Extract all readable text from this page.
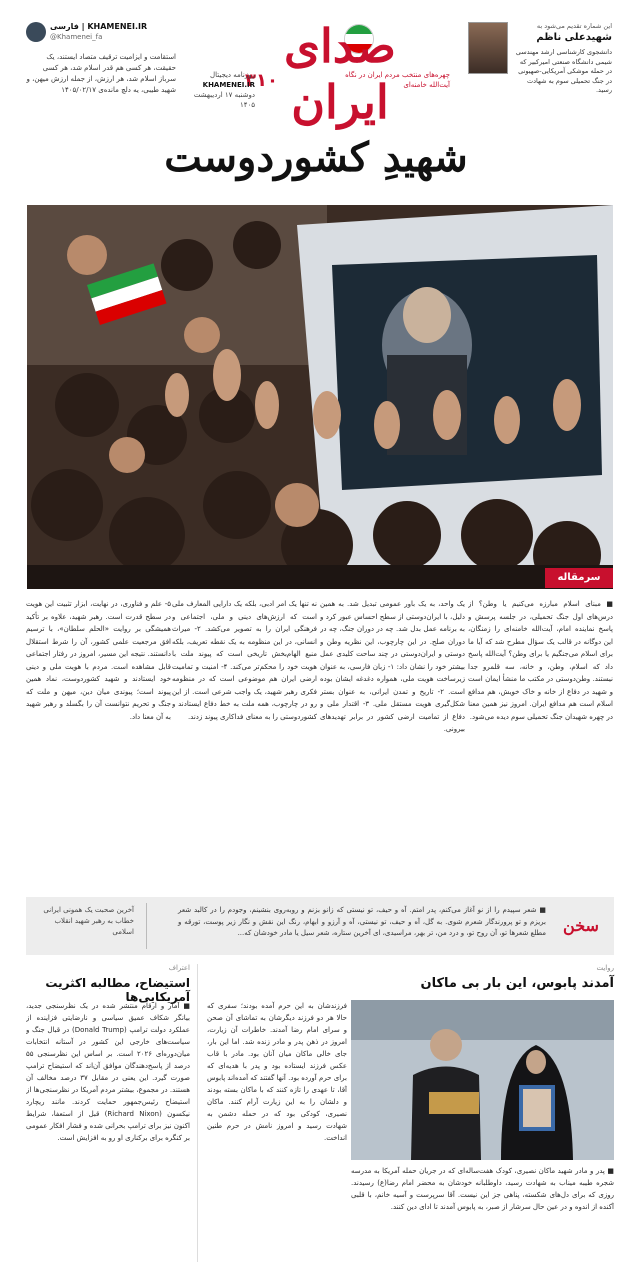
KHAMENEI.IR | فارسی
@Khamenei_fa
استقامت و ایزامیت ترقیف متصاد ایستند، یک حقیقت، هر کسی هم قدر اسلام شد، هر کسی سرباز اسلام شد، هر ارزش، از جمله ارزش میهن، و شهید طیبی، یه دلچ مانده‌ی ۱۴۰۵/۰۲/۱۷
صدای ایران
۳۱۰	چهره‌های منتخب مردم ایران در نگاه آیت‌الله خامنه‌ای
روزنامه دیجیتال
KHAMENEI.IR
دوشنبه ۱۷ اردیبهشت ۱۴۰۵
این شماره تقدیم می‌شود به
شهیدعلی ناظم
دانشجوی کارشناسی ارشد مهندسی شیمی دانشگاه صنعتی امیرکبیر که در حمله موشکی آمریکایی-صهیونی در جنگ تحمیلی سوم به شهادت رسید.
شهیدِ کشوردوست
سرمقاله
■ مبنای اسلام مبارزه می‌کنیم یا وطن؟ از درس‌های اول جنگ تحمیلی، در جلسه پرسش و پاسخ نماینده امام، آیت‌الله خامنه‌ای را زمنگان، این دوگانه در قالب یک سؤال مطرح شد که آیا ما برای اسلام می‌جنگیم یا برای وطن؟ آیت‌الله پاسخ داد که اسلام، وطن، و خانه، سه قلمرو جدا نیستند. وطن‌دوستی در مکتب ما منشأ ایمان است و شهید در دفاع از خانه و خاک خویش، هم مدافع اسلام است هم مدافع ایران. امروز نیز همین معنا در چهره شهیدان جنگ تحمیلی سوم دیده می‌شود.
یک واحد، به یک باور عمومی تبدیل شد. به همین دلیل، با ایران‌دوستی از سطح احساس عبور کرد و به برنامه عمل بدل شد. چه در دوران جنگ، چه در دوران صلح. در این چارچوب، این نظریه وطن و دوستی و ایران‌دوستی در چند ساحت کلیدی عمل بیشتر خود را نشان داد: ۱- زبان فارسی، به عنوان زیرساخت هویت ملی، همواره دغدغه ایشان بوده است. ۲- تاریخ و تمدن ایرانی، به عنوان بستر شکل‌گیری هویت مستقل ملی. ۳- اقتدار ملی و دفاع از تمامیت ارضی کشور در برابر تهدیدهای بیرونی.
نه تنها یک امر ادبی، بلکه یک دارایی المعارف ملی است که ارزش‌های دینی و ملی، اجتماعی و فرهنگی ایران را به تصویر می‌کشد. ۲- میراث انسانی، در این منظومه به یک نقطه تعریف، بلکه منبع الهام‌بخش تاریخی است که پیوند ملت با هویت خود را محکم‌تر می‌کند. ۴- امنیت و تمامیت ارضی ایران هم موضوعی است که در منظومه فکری رهبر شهید، یک واجب شرعی است. از این رو در چارچوب، همه ملت به خط دفاع ایستادند و کشوردوستی را به معنای فداکاری پیوند زدند.
۵- علم و فناوری، در نهایت، ابزار تثبیت این هویت در سطح قدرت است. رهبر شهید، علاوه بر تأکید همیشگی بر روایت «الحلم سلطان»، با ترسیم افق مرجعیت علمی کشور، آن را شرط استقلال دانستند. نتیجه این مسیر، امروز در رفتار اجتماعی قابل مشاهده است. مردم با هویت ملی و دینی خود ایستادند و شهید کشوردوست، نماد همین پیوند است؛ پیوندی میان دین، میهن و ملت که جنگ و تحریم نتوانست آن را بگسلد و رهبر شهید به آن معنا داد.
سخن
■ شعر سپیدم را از نو آغاز می‌کنم، پدر امتم. آه و حیف، تو نیستی که زانو بزنم و روبه‌روی بنشینم، وجودم را در کالبد شعر بریزم و تو پرورندگار شعرم شوی. به گل، آه و حیف، تو نیستی، آه و آرزو و ابهام، رنگ این نقش و نگار زیر پوست، تورقه و مطلع شعرها تو، آن روح تو، و درد من، تر بهر، مراسیدی، ای آخرین ستاره، شعر سیل یا مادر خودشان که...
آخرین صحبت یک همونی ایرانی خطاب به رهبر شهید انقلاب اسلامی
روایت
آمدند پابوس، این بار بی ماکان
فرزندشان به این حرم آمده بودند؛ سفری که حالا هر دو فرزند دیگرشان به تماشای آن صحن و سرای امام رضا آمدند. خاطرات آن زیارت، امروز در ذهن پدر و مادر زنده شد. اما این بار، جای خالی ماکان میان آنان بود. مادر با قاب عکس فرزند ایستاده بود و پدر با هدیه‌ای که برای حرم آورده بود. آنها گفتند که آمده‌اند پابوس آقا، تا عهدی را تازه کنند که با ماکان بسته بودند و دلشان را به این زیارت آرام کنند. ماکان نصیری، کودکی بود که در حمله دشمن به شهادت رسید و امروز نامش در حرم طنین انداخت.
■ پدر و مادر شهید ماکان نصیری، کودک هفت‌ساله‌ای که در جریان حمله آمریکا به مدرسه شجره طیبه میناب به شهادت رسید، داوطلبانه خودشان به محضر امام رضا(ع) رسیدند. روزی که برای دل‌های شکسته، پناهی جز این نیست. آقا سرپرست و آسیه خانم، با قلبی آکنده از اندوه و در عین حال سرشار از صبر، به پابوس آمدند تا ادای دین کنند.
اعتراف
استیضاح، مطالبه اکثریت آمریکایی‌ها
■ آمار و ارقام منتشر شده در یک نظرسنجی جدید، بیانگر شکاف عمیق سیاسی و نارضایتی فزاینده از عملکرد دولت ترامپ (Donald Trump) در قبال جنگ و سیاست‌های خارجی این کشور در آستانه انتخابات میان‌دوره‌ای ۲۰۲۶ است. بر اساس این نظرسنجی ۵۵ درصد از پاسخ‌دهندگان موافق آن‌اند که استیضاح ترامپ صورت گیرد. این یعنی در مقابل ۳۷ درصد مخالف آن هستند. در مجموع، بیشتر مردم آمریکا در نظرسنجی‌ها از استیضاح رئیس‌جمهور حمایت کردند. مانند ریچارد نیکسون (Richard Nixon) قبل از استعفا، شرایط اکنون نیز برای ترامپ بحرانی شده و فشار افکار عمومی بر کنگره برای برکناری او رو به افزایش است.
